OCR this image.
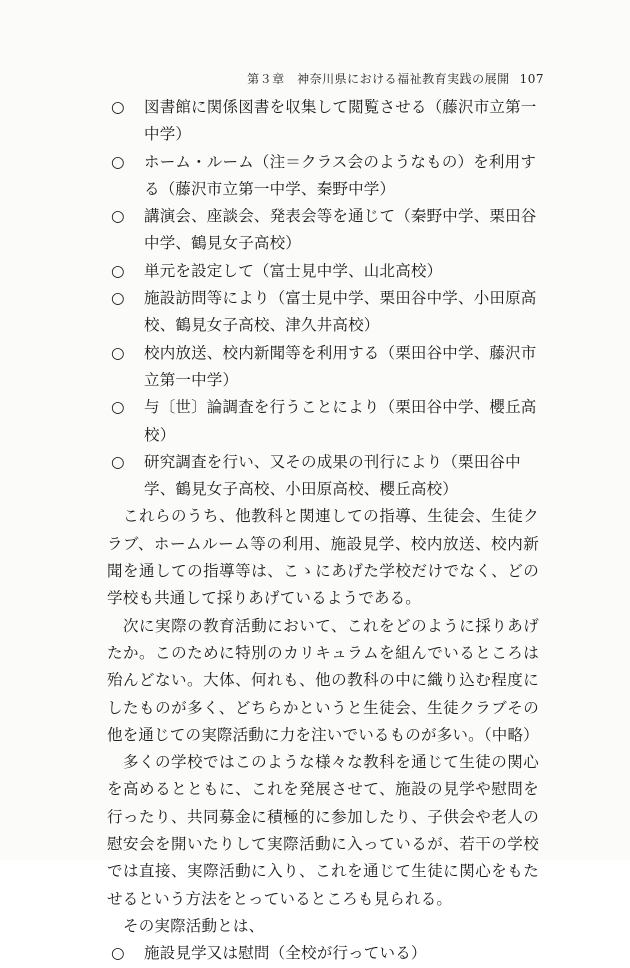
第３章　神奈川県における福祉教育実践の展開 107
○ 図書館に関係図書を収集して閲覧させる（藤沢市立第一中学）
○ ホーム・ルーム（注＝クラス会のようなもの）を利用する（藤沢市立第一中学、秦野中学）
○ 講演会、座談会、発表会等を通じて（秦野中学、栗田谷中学、鶴見女子高校）
○ 単元を設定して（富士見中学、山北高校）
○ 施設訪問等により（富士見中学、栗田谷中学、小田原高校、鶴見女子高校、津久井高校）
○ 校内放送、校内新聞等を利用する（栗田谷中学、藤沢市立第一中学）
○ 与〔世〕論調査を行うことにより（栗田谷中学、櫻丘高校）
○ 研究調査を行い、又その成果の刊行により（栗田谷中学、鶴見女子高校、小田原高校、櫻丘高校）

これらのうち、他教科と関連しての指導、生徒会、生徒クラブ、ホームルーム等の利用、施設見学、校内放送、校内新聞を通しての指導等は、こゝにあげた学校だけでなく、どの学校も共通して採りあげているようである。

次に実際の教育活動において、これをどのように採りあげたか。このために特別のカリキュラムを組んでいるところは殆んどない。大体、何れも、他の教科の中に織り込む程度にしたものが多く、どちらかというと生徒会、生徒クラブその他を通じての実際活動に力を注いでいるものが多い。（中略）

多くの学校ではこのような様々な教科を通じて生徒の関心を高めるとともに、これを発展させて、施設の見学や慰問を行ったり、共同募金に積極的に参加したり、子供会や老人の慰安会を開いたりして実際活動に入っているが、若干の学校では直接、実際活動に入り、これを通じて生徒に関心をもたせるという方法をとっているところも見られる。

その実際活動とは、

○ 施設見学又は慰問（全校が行っている）
